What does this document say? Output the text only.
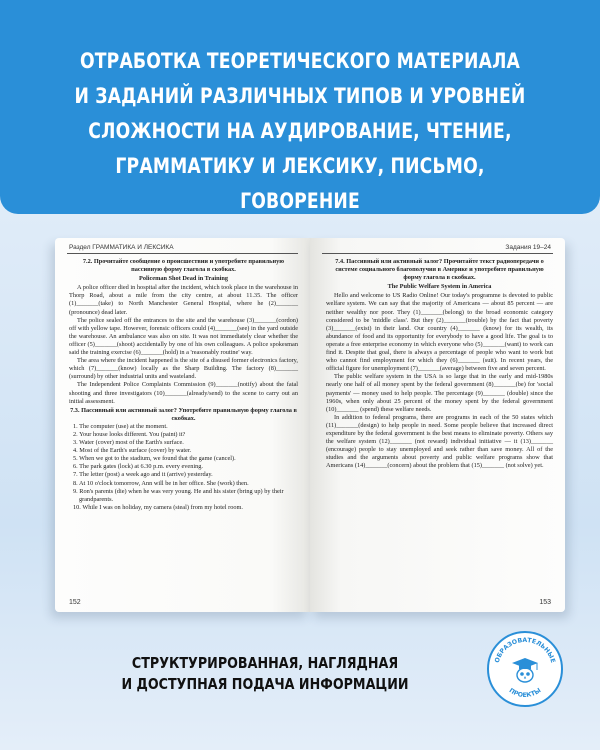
ОТРАБОТКА ТЕОРЕТИЧЕСКОГО МАТЕРИАЛА
И ЗАДАНИЙ РАЗЛИЧНЫХ ТИПОВ И УРОВНЕЙ
СЛОЖНОСТИ НА АУДИРОВАНИЕ, ЧТЕНИЕ,
ГРАММАТИКУ И ЛЕКСИКУ, ПИСЬМО, ГОВОРЕНИЕ
Раздел ГРАММАТИКА И ЛЕКСИКА
7.2. Прочитайте сообщение о происшествии и употребите правильную пассивную форму глагола в скобках.
Policeman Shot Dead in Training

A police officer died in hospital after the incident, which took place in the warehouse in Thorp Road, about a mile from the city centre, at about 11.35. The officer (1)_______(take) to North Manchester General Hospital, where he (2)_______ (pronounce) dead later.

The police sealed off the entrances to the site and the warehouse (3)_______(cordon) off with yellow tape. However, forensic officers could (4)_______(see) in the yard outside the warehouse. An ambulance was also on site. It was not immediately clear whether the officer (5)_______(shoot) accidentally by one of his own colleagues. A police spokesman said the training exercise (6)_______(hold) in a 'reasonably routine' way.

The area where the incident happened is the site of a disused former electronics factory, which (7)_______(know) locally as the Sharp Building. The factory (8)_______ (surround) by other industrial units and wasteland.

The Independent Police Complaints Commission (9)_______(notify) about the fatal shooting and three investigators (10)_______(already/send) to the scene to carry out an initial assessment.

7.3. Пассивный или активный залог? Употребите правильную форму глагола в скобках.
1. The computer (use) at the moment.
2. Your house looks different. You (paint) it?
3. Water (cover) most of the Earth's surface.
4. Most of the Earth's surface (cover) by water.
5. When we got to the stadium, we found that the game (cancel).
6. The park gates (lock) at 6.30 p.m. every evening.
7. The letter (post) a week ago and it (arrive) yesterday.
8. At 10 o'clock tomorrow, Ann will be in her office. She (work) then.
9. Ron's parents (die) when he was very young. He and his sister (bring up) by their grandparents.
10. While I was on holiday, my camera (steal) from my hotel room.
152
Задания 19–24
7.4. Пассивный или активный залог? Прочитайте текст радиопередачи о системе социального благополучия в Америке и употребите правильную форму глагола в скобках.
The Public Welfare System in America

Hello and welcome to US Radio Online! Our today's programme is devoted to public welfare system. We can say that the majority of Americans — about 85 percent — are neither wealthy nor poor. They (1)_______(belong) to the broad economic category considered to be 'middle class'. But they (2)_______(trouble) by the fact that poverty (3)_______(exist) in their land. Our country (4)_______ (know) for its wealth, its abundance of food and its opportunity for everybody to have a good life. The goal is to operate a free enterprise economy in which everyone who (5)_______(want) to work can find it. Despite that goal, there is always a percentage of people who want to work but who cannot find employment for which they (6)_______ (suit). In recent years, the official figure for unemployment (7)_______(average) between five and seven percent.

The public welfare system in the USA is so large that in the early and mid-1980s nearly one half of all money spent by the federal government (8)_______(be) for 'social payments' — money used to help people. The percentage (9)_______ (double) since the 1960s, when only about 25 percent of the money spent by the federal government (10)_______ (spend) these welfare needs.

In addition to federal programs, there are programs in each of the 50 states which (11)_______(design) to help people in need. Some people believe that increased direct expenditure by the federal government is the best means to eliminate poverty. Others say the welfare system (12)_______ (not reward) individual initiative — it (13)_______ (encourage) people to stay unemployed and seek rather than save money. All of the studies and the arguments about poverty and public welfare programs show that Americans (14)_______(concern) about the problem that (15)_______ (not solve) yet.

153
СТРУКТУРИРОВАННАЯ, НАГЛЯДНАЯ
И ДОСТУПНАЯ ПОДАЧА ИНФОРМАЦИИ
ОБРАЗОВАТЕЛЬНЫЕ
ПРОЕКТЫ
